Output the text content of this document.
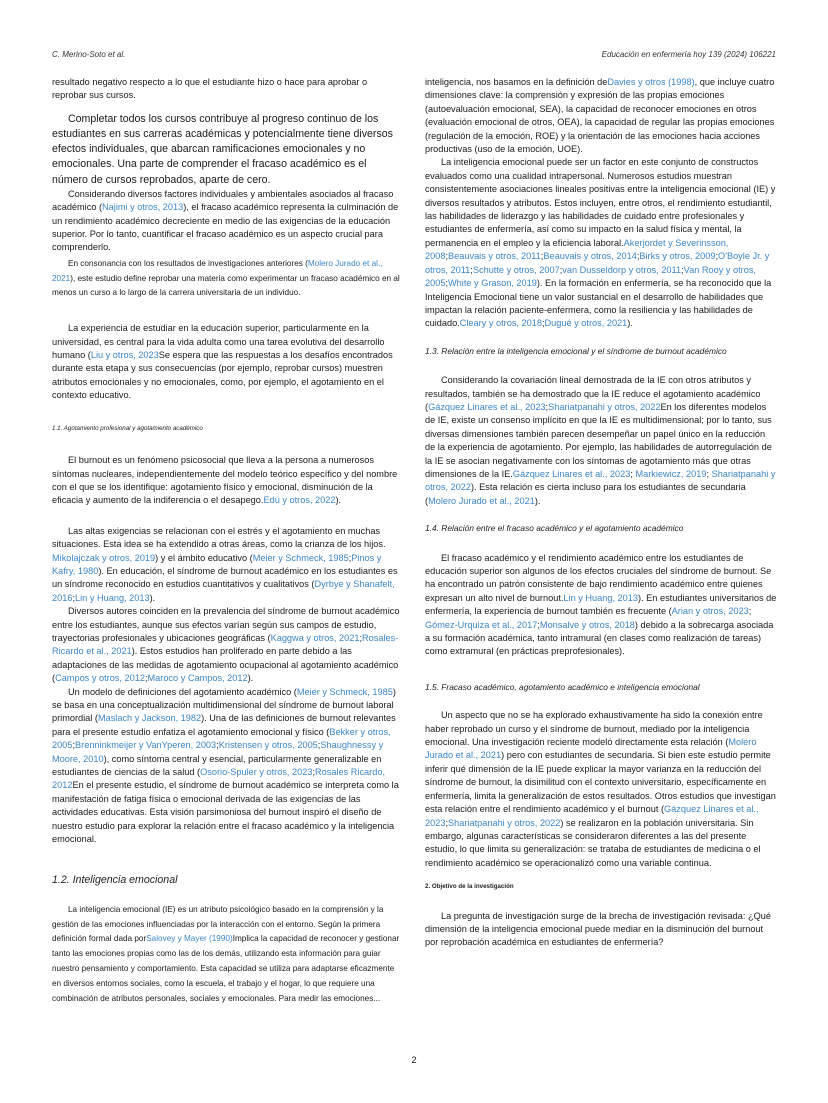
C. Merino-Soto et al.	Educación en enfermería hoy 139 (2024) 106221

resultado negativo respecto a lo que el estudiante hizo o hace para aprobar o reprobar sus cursos.

Completar todos los cursos contribuye al progreso continuo de los estudiantes en sus carreras académicas y potencialmente tiene diversos efectos individuales, que abarcan ramificaciones emocionales y no emocionales. Una parte de comprender el fracaso académico es el número de cursos reprobados, aparte de cero.

Considerando diversos factores individuales y ambientales asociados al fracaso académico (Najimi y otros, 2013), el fracaso académico representa la culminación de un rendimiento académico decreciente en medio de las exigencias de la educación superior. Por lo tanto, cuantificar el fracaso académico es un aspecto crucial para comprenderlo.

En consonancia con los resultados de investigaciones anteriores (Molero Jurado et al., 2021), este estudio define reprobar una materia como experimentar un fracaso académico en al menos un curso a lo largo de la carrera universitaria de un individuo.

La experiencia de estudiar en la educación superior, particularmente en la universidad, es central para la vida adulta como una tarea evolutiva del desarrollo humano (Liu y otros, 2023Se espera que las respuestas a los desafíos encontrados durante esta etapa y sus consecuencias (por ejemplo, reprobar cursos) muestren atributos emocionales y no emocionales, como, por ejemplo, el agotamiento en el contexto educativo.

1.1. Agotamiento profesional y agotamiento académico

El burnout es un fenómeno psicosocial que lleva a la persona a numerosos síntomas nucleares, independientemente del modelo teórico específico y del nombre con el que se los identifique: agotamiento físico y emocional, disminución de la eficacia y aumento de la indiferencia o el desapego.Edú y otros, 2022).

Las altas exigencias se relacionan con el estrés y el agotamiento en muchas situaciones. Esta idea se ha extendido a otras áreas, como la crianza de los hijos. Mikolajczak y otros, 2019) y el ámbito educativo (Meier y Schmeck, 1985;Pinos y Kafry, 1980). En educación, el síndrome de burnout académico en los estudiantes es un síndrome reconocido en estudios cuantitativos y cualitativos (Dyrbye y Shanafelt, 2016;Lin y Huang, 2013).

Diversos autores coinciden en la prevalencia del síndrome de burnout académico entre los estudiantes, aunque sus efectos varían según sus campos de estudio, trayectorias profesionales y ubicaciones geográficas (Kaggwa y otros, 2021;Rosales-Ricardo et al., 2021). Estos estudios han proliferado en parte debido a las adaptaciones de las medidas de agotamiento ocupacional al agotamiento académico (Campos y otros, 2012;Maroco y Campos, 2012).

Un modelo de definiciones del agotamiento académico (Meier y Schmeck, 1985) se basa en una conceptualización multidimensional del síndrome de burnout laboral primordial (Maslach y Jackson, 1982). Una de las definiciones de burnout relevantes para el presente estudio enfatiza el agotamiento emocional y físico (Bekker y otros, 2005;Brenninkmeijer y VanYperen, 2003;Kristensen y otros, 2005;Shaughnessy y Moore, 2010), como síntoma central y esencial, particularmente generalizable en estudiantes de ciencias de la salud (Osorio-Spuler y otros, 2023;Rosales Ricardo, 2012En el presente estudio, el síndrome de burnout académico se interpreta como la manifestación de fatiga física o emocional derivada de las exigencias de las actividades educativas. Esta visión parsimoniosa del burnout inspiró el diseño de nuestro estudio para explorar la relación entre el fracaso académico y la inteligencia emocional.

1.2. Inteligencia emocional

La inteligencia emocional (IE) es un atributo psicológico basado en la comprensión y la gestión de las emociones influenciadas por la interacción con el entorno. Según la primera definición formal dada porSalovey y Mayer (1990)Implica la capacidad de reconocer y gestionar tanto las emociones propias como las de los demás, utilizando esta información para guiar nuestro pensamiento y comportamiento. Esta capacidad se utiliza para adaptarse eficazmente en diversos entornos sociales, como la escuela, el trabajo y el hogar, lo que requiere una combinación de atributos personales, sociales y emocionales. Para medir las emociones...

inteligencia, nos basamos en la definición deDavies y otros (1998), que incluye cuatro dimensiones clave: la comprensión y expresión de las propias emociones (autoevaluación emocional, SEA), la capacidad de reconocer emociones en otros (evaluación emocional de otros, OEA), la capacidad de regular las propias emociones (regulación de la emoción, ROE) y la orientación de las emociones hacia acciones productivas (uso de la emoción, UOE).

La inteligencia emocional puede ser un factor en este conjunto de constructos evaluados como una cualidad intrapersonal. Numerosos estudios muestran consistentemente asociaciones lineales positivas entre la inteligencia emocional (IE) y diversos resultados y atributos. Estos incluyen, entre otros, el rendimiento estudiantil, las habilidades de liderazgo y las habilidades de cuidado entre profesionales y estudiantes de enfermería, así como su impacto en la salud física y mental, la permanencia en el empleo y la eficiencia laboral.Akerjordet y Severinsson, 2008;Beauvais y otros, 2011;Beauvais y otros, 2014;Birks y otros, 2009;O'Boyle Jr. y otros, 2011;Schutte y otros, 2007;van Dusseldorp y otros, 2011;Van Rooy y otros, 2005;White y Grason, 2019). En la formación en enfermería, se ha reconocido que la Inteligencia Emocional tiene un valor sustancial en el desarrollo de habilidades que impactan la relación paciente-enfermera, como la resiliencia y las habilidades de cuidado.Cleary y otros, 2018;Dugué y otros, 2021).

1.3. Relación entre la inteligencia emocional y el síndrome de burnout académico

Considerando la covariación lineal demostrada de la IE con otros atributos y resultados, también se ha demostrado que la IE reduce el agotamiento académico (Gázquez Linares et al., 2023;Shariatpanahi y otros, 2022En los diferentes modelos de IE, existe un consenso implícito en que la IE es multidimensional; por lo tanto, sus diversas dimensiones también parecen desempeñar un papel único en la reducción de la experiencia de agotamiento. Por ejemplo, las habilidades de autorregulación de la IE se asocian negativamente con los síntomas de agotamiento más que otras dimensiones de la IE.Gázquez Linares et al., 2023; Markiewicz, 2019; Shariatpanahi y otros, 2022). Esta relación es cierta incluso para los estudiantes de secundaria (Molero Jurado et al., 2021).

1.4. Relación entre el fracaso académico y el agotamiento académico

El fracaso académico y el rendimiento académico entre los estudiantes de educación superior son algunos de los efectos cruciales del síndrome de burnout. Se ha encontrado un patrón consistente de bajo rendimiento académico entre quienes expresan un alto nivel de burnout.Lin y Huang, 2013). En estudiantes universitarios de enfermería, la experiencia de burnout también es frecuente (Arian y otros, 2023; Gómez-Urquiza et al., 2017;Monsalve y otros, 2018) debido a la sobrecarga asociada a su formación académica, tanto intramural (en clases como realización de tareas) como extramural (en prácticas preprofesionales).

1.5. Fracaso académico, agotamiento académico e inteligencia emocional

Un aspecto que no se ha explorado exhaustivamente ha sido la conexión entre haber reprobado un curso y el síndrome de burnout, mediado por la inteligencia emocional. Una investigación reciente modeló directamente esta relación (Molero Jurado et al., 2021) pero con estudiantes de secundaria. Si bien este estudio permite inferir qué dimensión de la IE puede explicar la mayor varianza en la reducción del síndrome de burnout, la disimilitud con el contexto universitario, específicamente en enfermería, limita la generalización de estos resultados. Otros estudios que investigan esta relación entre el rendimiento académico y el burnout (Gázquez Linares et al., 2023;Shariatpanahi y otros, 2022) se realizaron en la población universitaria. Sin embargo, algunas características se consideraron diferentes a las del presente estudio, lo que limita su generalización: se trataba de estudiantes de medicina o el rendimiento académico se operacionalizó como una variable continua.

2. Objetivo de la investigación

La pregunta de investigación surge de la brecha de investigación revisada: ¿Qué dimensión de la inteligencia emocional puede mediar en la disminución del burnout por reprobación académica en estudiantes de enfermería?

2
